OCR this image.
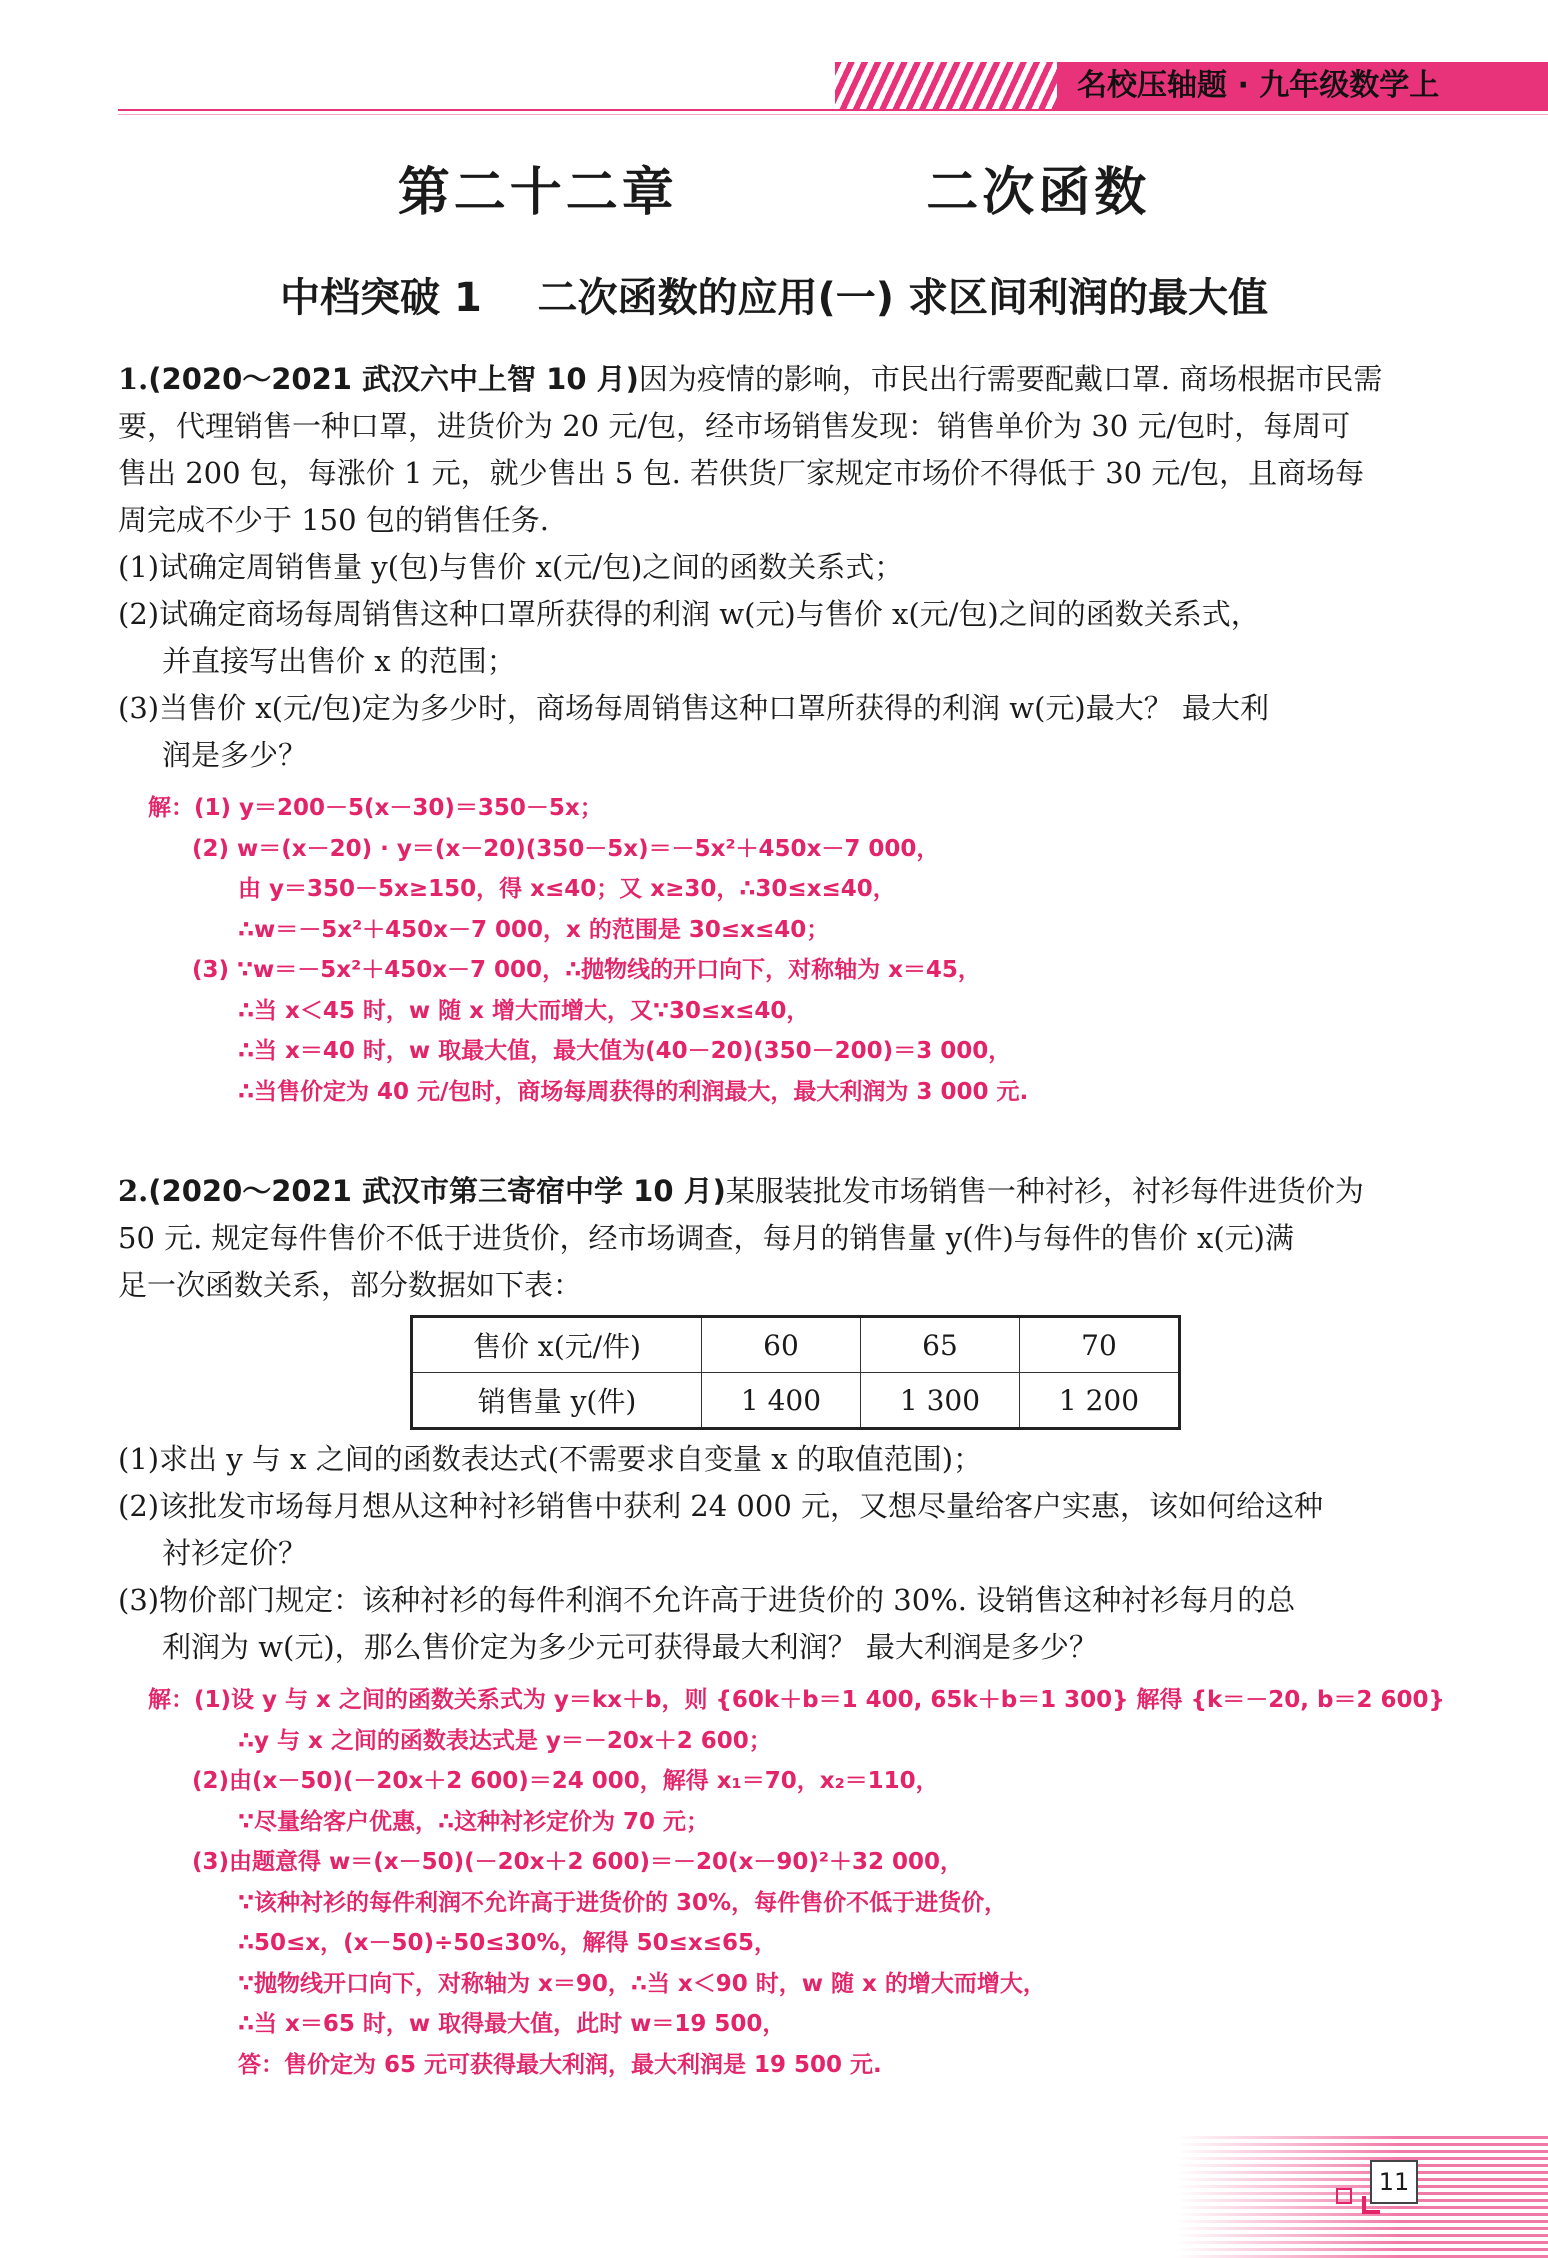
名校压轴题 · 九年级数学上
第二十二章    二次函数
中档突破 1    二次函数的应用(一) 求区间利润的最大值

1.(2020～2021 武汉六中上智 10 月)因为疫情的影响，市民出行需要配戴口罩. 商场根据市民需

要，代理销售一种口罩，进货价为 20 元/包，经市场销售发现：销售单价为 30 元/包时，每周可

售出 200 包，每涨价 1 元，就少售出 5 包. 若供货厂家规定市场价不得低于 30 元/包，且商场每

周完成不少于 150 包的销售任务.

(1)试确定周销售量 y(包)与售价 x(元/包)之间的函数关系式；

(2)试确定商场每周销售这种口罩所获得的利润 w(元)与售价 x(元/包)之间的函数关系式，

并直接写出售价 x 的范围；

(3)当售价 x(元/包)定为多少时，商场每周销售这种口罩所获得的利润 w(元)最大？ 最大利

润是多少？

解：(1) y＝200－5(x－30)＝350－5x；
(2) w＝(x－20) · y＝(x－20)(350－5x)＝－5x²＋450x－7 000，
由 y＝350－5x≥150，得 x≤40；又 x≥30，∴30≤x≤40，
∴w＝－5x²＋450x－7 000，x 的范围是 30≤x≤40；
(3) ∵w＝－5x²＋450x－7 000，∴抛物线的开口向下，对称轴为 x＝45，
∴当 x＜45 时，w 随 x 增大而增大，又∵30≤x≤40，
∴当 x＝40 时，w 取最大值，最大值为(40－20)(350－200)＝3 000，
∴当售价定为 40 元/包时，商场每周获得的利润最大，最大利润为 3 000 元.

2.(2020～2021 武汉市第三寄宿中学 10 月)某服装批发市场销售一种衬衫，衬衫每件进货价为

50 元. 规定每件售价不低于进货价，经市场调查，每月的销售量 y(件)与每件的售价 x(元)满

足一次函数关系，部分数据如下表：

售价 x(元/件)	60	65	70
销售量 y(件)	1 400	1 300	1 200

(1)求出 y 与 x 之间的函数表达式(不需要求自变量 x 的取值范围)；

(2)该批发市场每月想从这种衬衫销售中获利 24 000 元，又想尽量给客户实惠，该如何给这种

衬衫定价？

(3)物价部门规定：该种衬衫的每件利润不允许高于进货价的 30%. 设销售这种衬衫每月的总

利润为 w(元)，那么售价定为多少元可获得最大利润？ 最大利润是多少？

解：(1)设 y 与 x 之间的函数关系式为 y＝kx＋b，则 {60k＋b＝1 400, 65k＋b＝1 300} 解得 {k＝－20, b＝2 600}
∴y 与 x 之间的函数表达式是 y＝－20x＋2 600；
(2)由(x－50)(－20x＋2 600)＝24 000，解得 x₁＝70，x₂＝110，
∵尽量给客户优惠，∴这种衬衫定价为 70 元；
(3)由题意得 w＝(x－50)(－20x＋2 600)＝－20(x－90)²＋32 000，
∵该种衬衫的每件利润不允许高于进货价的 30%，每件售价不低于进货价，
∴50≤x，(x－50)÷50≤30%，解得 50≤x≤65，
∵抛物线开口向下，对称轴为 x＝90，∴当 x＜90 时，w 随 x 的增大而增大，
∴当 x＝65 时，w 取得最大值，此时 w＝19 500，
答：售价定为 65 元可获得最大利润，最大利润是 19 500 元.
11
